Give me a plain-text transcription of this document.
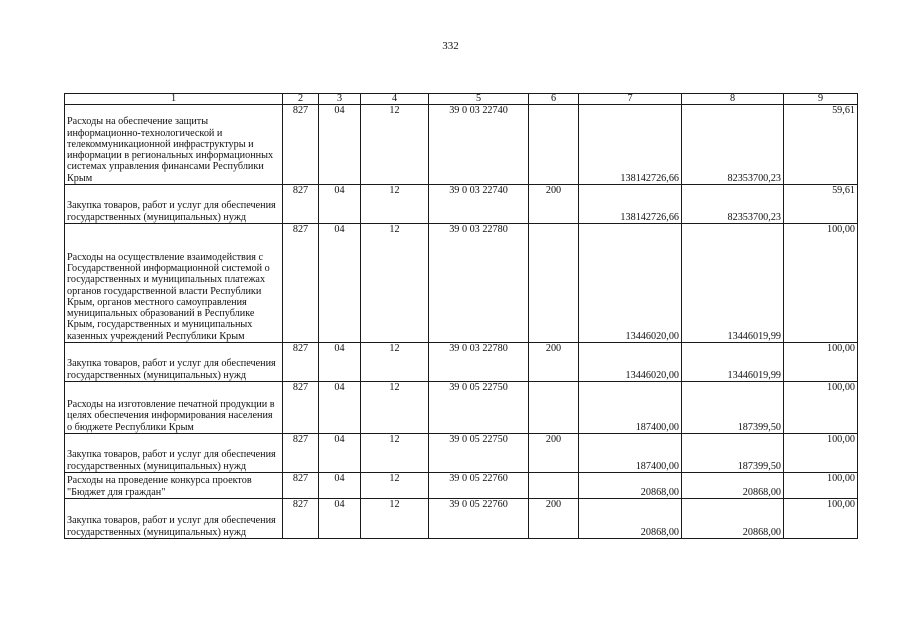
332
1	2	3	4	5	6	7	8	9
Расходы на обеспечение защиты информационно-технологической и телекоммуникационной инфраструктуры и информации в региональных информационных системах управления финансами Республики Крым	827	04	12	39 0 03 22740		138142726,66	82353700,23	59,61
Закупка товаров, работ и услуг для обеспечения государственных (муниципальных) нужд	827	04	12	39 0 03 22740	200	138142726,66	82353700,23	59,61
Расходы на осуществление взаимодействия с Государственной информационной системой о государственных и муниципальных платежах органов государственной власти Республики Крым, органов местного самоуправления муниципальных образований в Республике Крым, государственных и муниципальных казенных учреждений Республики Крым	827	04	12	39 0 03 22780		13446020,00	13446019,99	100,00
Закупка товаров, работ и услуг для обеспечения государственных (муниципальных) нужд	827	04	12	39 0 03 22780	200	13446020,00	13446019,99	100,00
Расходы на изготовление печатной продукции в целях обеспечения информирования населения о бюджете Республики Крым	827	04	12	39 0 05 22750		187400,00	187399,50	100,00
Закупка товаров, работ и услуг для обеспечения государственных (муниципальных) нужд	827	04	12	39 0 05 22750	200	187400,00	187399,50	100,00
Расходы на проведение конкурса проектов "Бюджет для граждан"	827	04	12	39 0 05 22760		20868,00	20868,00	100,00
Закупка товаров, работ и услуг для обеспечения государственных (муниципальных) нужд	827	04	12	39 0 05 22760	200	20868,00	20868,00	100,00
